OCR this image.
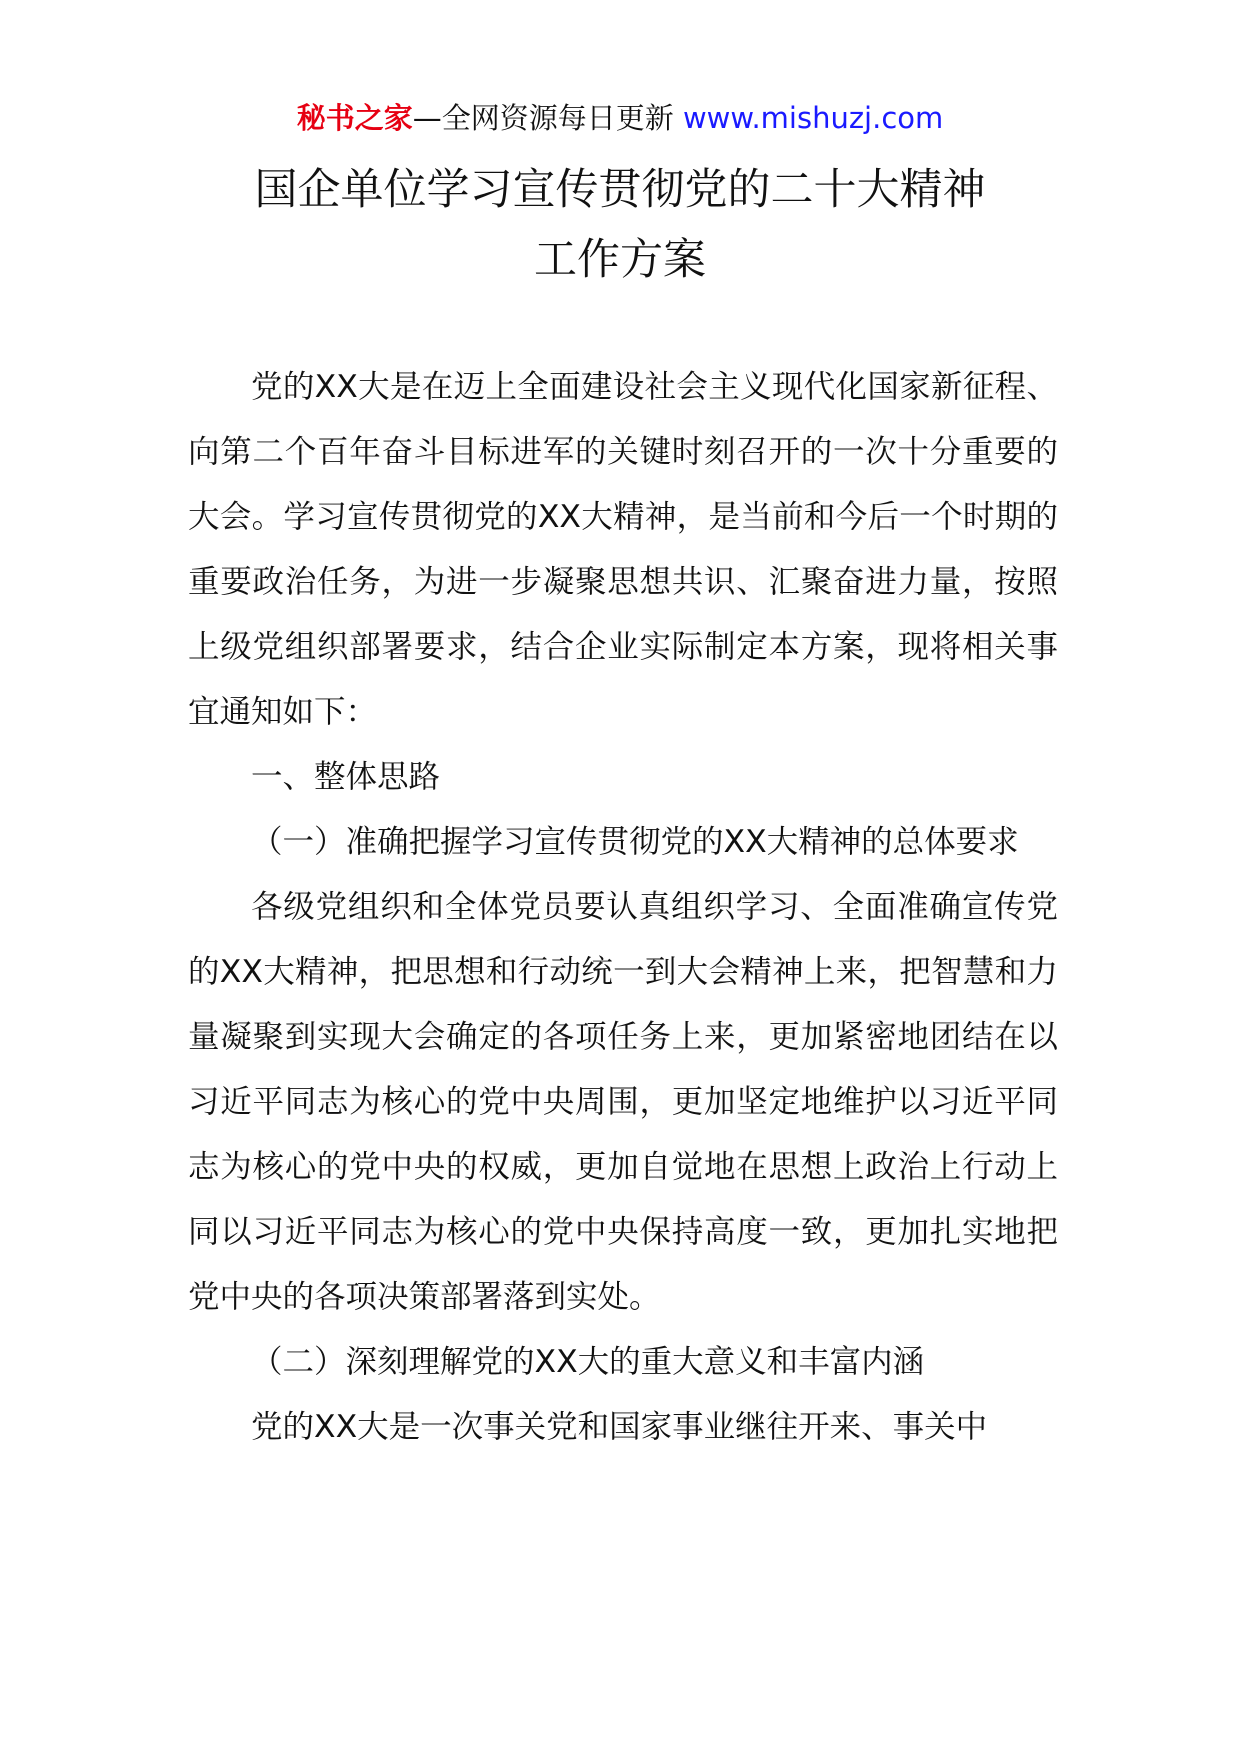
秘书之家—全网资源每日更新 www.mishuzj.com
国企单位学习宣传贯彻党的二十大精神
工作方案

党的XX大是在迈上全面建设社会主义现代化国家新征程、向第二个百年奋斗目标进军的关键时刻召开的一次十分重要的大会。学习宣传贯彻党的XX大精神，是当前和今后一个时期的重要政治任务，为进一步凝聚思想共识、汇聚奋进力量，按照上级党组织部署要求，结合企业实际制定本方案，现将相关事宜通知如下：

一、整体思路

（一）准确把握学习宣传贯彻党的XX大精神的总体要求

各级党组织和全体党员要认真组织学习、全面准确宣传党的XX大精神，把思想和行动统一到大会精神上来，把智慧和力量凝聚到实现大会确定的各项任务上来，更加紧密地团结在以习近平同志为核心的党中央周围，更加坚定地维护以习近平同志为核心的党中央的权威，更加自觉地在思想上政治上行动上同以习近平同志为核心的党中央保持高度一致，更加扎实地把党中央的各项决策部署落到实处。

（二）深刻理解党的XX大的重大意义和丰富内涵

党的XX大是一次事关党和国家事业继往开来、事关中
